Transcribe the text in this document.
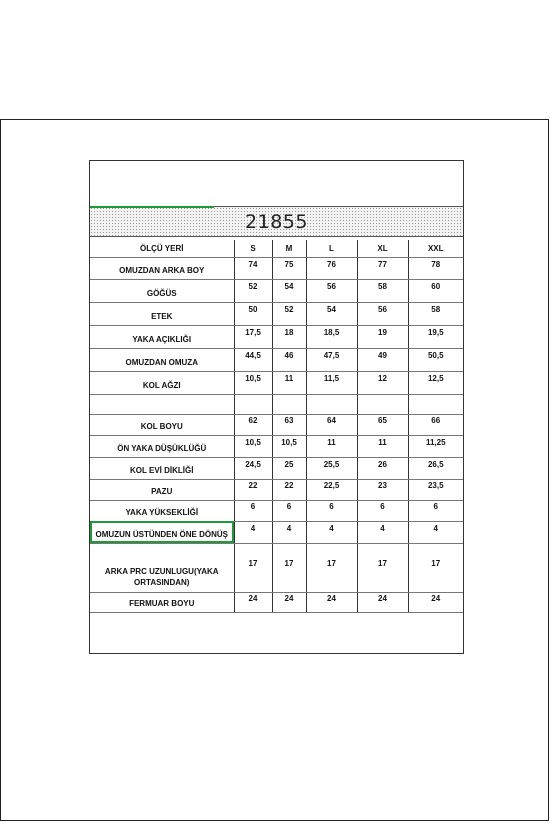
21855
ÖLÇÜ YERİ	S	M	L	XL	XXL
OMUZDAN ARKA BOY	74	75	76	77	78
GÖĞÜS	52	54	56	58	60
ETEK	50	52	54	56	58
YAKA AÇIKLIĞI	17,5	18	18,5	19	19,5
OMUZDAN OMUZA	44,5	46	47,5	49	50,5
KOL AĞZI	10,5	11	11,5	12	12,5

KOL BOYU	62	63	64	65	66
ÖN YAKA DÜŞÜKLÜĞÜ	10,5	10,5	11	11	11,25
KOL EVİ DİKLİĞİ	24,5	25	25,5	26	26,5
PAZU	22	22	22,5	23	23,5
YAKA YÜKSEKLİĞİ	6	6	6	6	6
OMUZUN ÜSTÜNDEN ÖNE DÖNÜŞ	4	4	4	4	4
ARKA PRC UZUNLUGU(YAKA ORTASINDAN)	17	17	17	17	17
FERMUAR BOYU	24	24	24	24	24
